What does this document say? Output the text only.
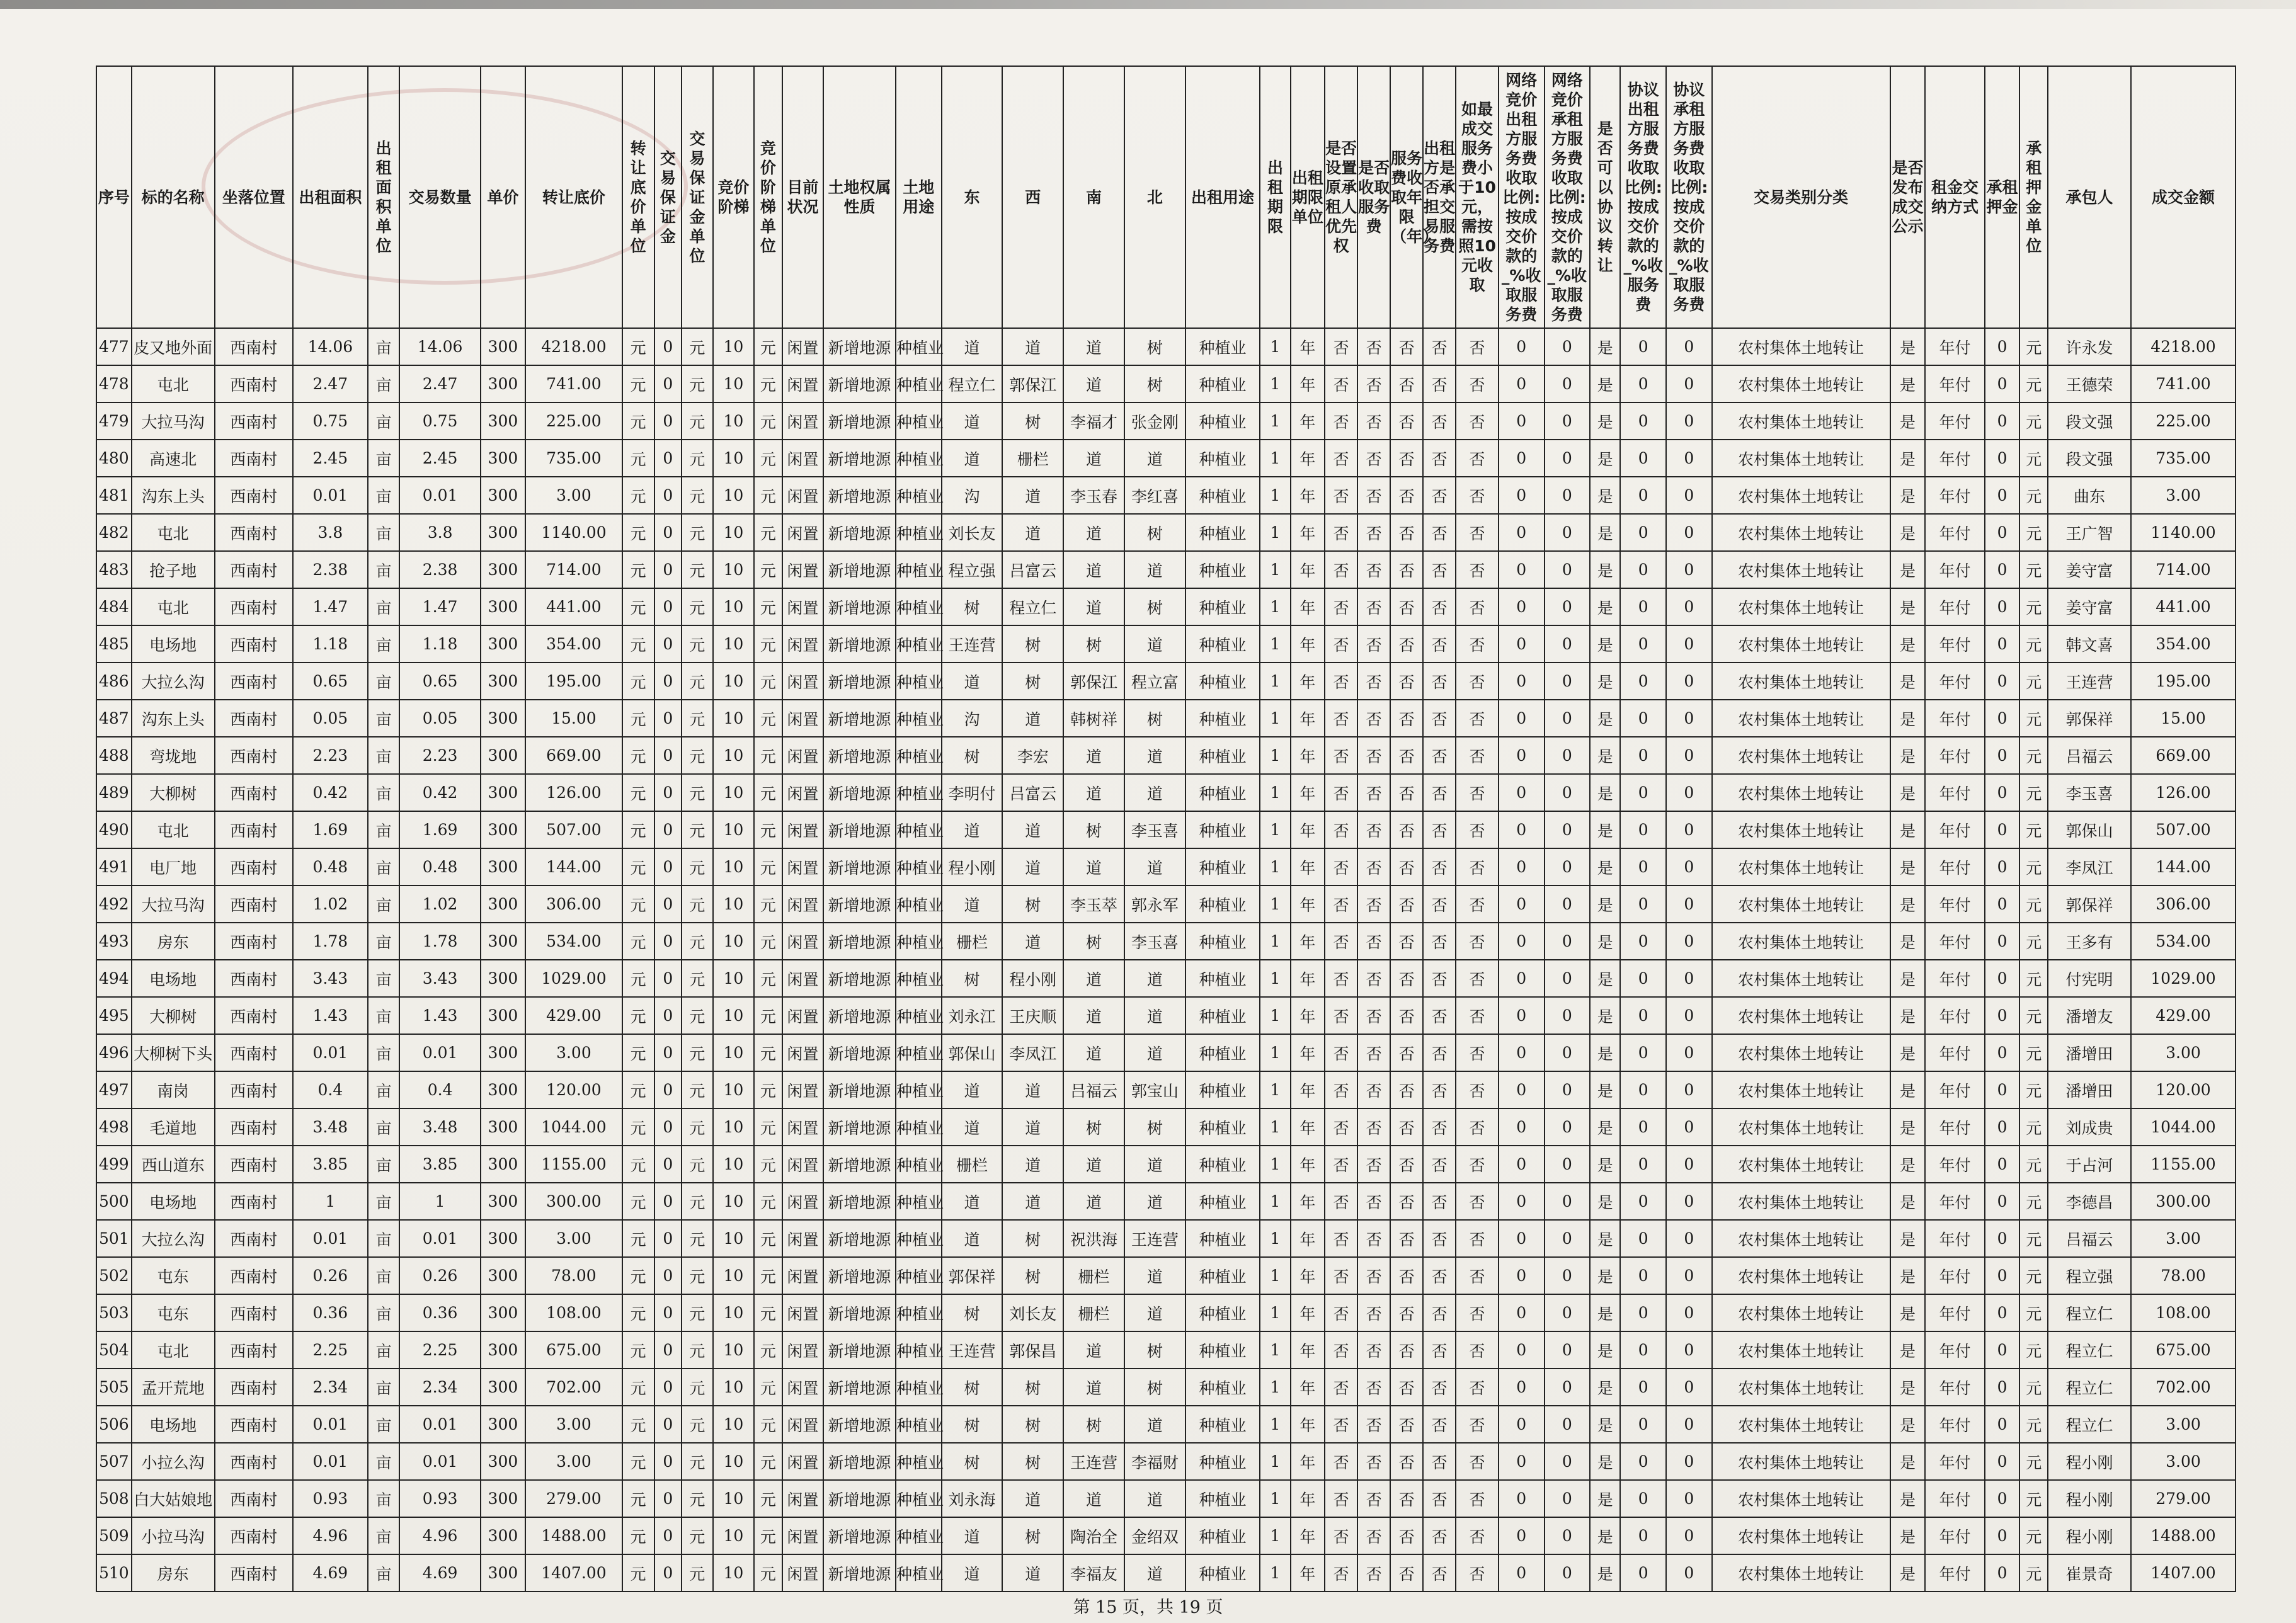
序号	标的名称	坐落位置	出租面积	出租面积单位	交易数量	单价	转让底价	转让底价单位	交易保证金	交易保证金单位	竞价阶梯	竞价阶梯单位	目前状况	土地权属性质	土地用途	东	西	南	北	出租用途	出租期限	出租期限单位	是否设置原承租人优先权	是否收取服务费	服务费收取年限（年）	出租方是否承担交易服务费	如最成交服务费小于10元，需按照10元收取	网络竞价出租方服务费收取比例:按成交价款的_%收取服务费	网络竞价承租方服务费收取比例:按成交价款的_%收取服务费	是否可以协议转让	协议出租方服务费收取比例:按成交价款的_%收服务费	协议承租方服务费收取比例:按成交价款的_%收取服务费	交易类别分类	是否发布成交公示	租金交纳方式	承租押金	承租押金单位	承包人	成交金额
477	皮又地外面	西南村	14.06	亩	14.06	300	4218.00	元	0	元	10	元	闲置	新增地源	种植业	道	道	道	树	种植业	1	年	否	否	否	否	否	0	0	是	0	0	农村集体土地转让	是	年付	0	元	许永发	4218.00
478	屯北	西南村	2.47	亩	2.47	300	741.00	元	0	元	10	元	闲置	新增地源	种植业	程立仁	郭保江	道	树	种植业	1	年	否	否	否	否	否	0	0	是	0	0	农村集体土地转让	是	年付	0	元	王德荣	741.00
479	大拉马沟	西南村	0.75	亩	0.75	300	225.00	元	0	元	10	元	闲置	新增地源	种植业	道	树	李福才	张金刚	种植业	1	年	否	否	否	否	否	0	0	是	0	0	农村集体土地转让	是	年付	0	元	段文强	225.00
480	高速北	西南村	2.45	亩	2.45	300	735.00	元	0	元	10	元	闲置	新增地源	种植业	道	栅栏	道	道	种植业	1	年	否	否	否	否	否	0	0	是	0	0	农村集体土地转让	是	年付	0	元	段文强	735.00
481	沟东上头	西南村	0.01	亩	0.01	300	3.00	元	0	元	10	元	闲置	新增地源	种植业	沟	道	李玉春	李红喜	种植业	1	年	否	否	否	否	否	0	0	是	0	0	农村集体土地转让	是	年付	0	元	曲东	3.00
482	屯北	西南村	3.8	亩	3.8	300	1140.00	元	0	元	10	元	闲置	新增地源	种植业	刘长友	道	道	树	种植业	1	年	否	否	否	否	否	0	0	是	0	0	农村集体土地转让	是	年付	0	元	王广智	1140.00
483	抢子地	西南村	2.38	亩	2.38	300	714.00	元	0	元	10	元	闲置	新增地源	种植业	程立强	吕富云	道	道	种植业	1	年	否	否	否	否	否	0	0	是	0	0	农村集体土地转让	是	年付	0	元	姜守富	714.00
484	屯北	西南村	1.47	亩	1.47	300	441.00	元	0	元	10	元	闲置	新增地源	种植业	树	程立仁	道	树	种植业	1	年	否	否	否	否	否	0	0	是	0	0	农村集体土地转让	是	年付	0	元	姜守富	441.00
485	电场地	西南村	1.18	亩	1.18	300	354.00	元	0	元	10	元	闲置	新增地源	种植业	王连营	树	树	道	种植业	1	年	否	否	否	否	否	0	0	是	0	0	农村集体土地转让	是	年付	0	元	韩文喜	354.00
486	大拉么沟	西南村	0.65	亩	0.65	300	195.00	元	0	元	10	元	闲置	新增地源	种植业	道	树	郭保江	程立富	种植业	1	年	否	否	否	否	否	0	0	是	0	0	农村集体土地转让	是	年付	0	元	王连营	195.00
487	沟东上头	西南村	0.05	亩	0.05	300	15.00	元	0	元	10	元	闲置	新增地源	种植业	沟	道	韩树祥	树	种植业	1	年	否	否	否	否	否	0	0	是	0	0	农村集体土地转让	是	年付	0	元	郭保祥	15.00
488	弯垅地	西南村	2.23	亩	2.23	300	669.00	元	0	元	10	元	闲置	新增地源	种植业	树	李宏	道	道	种植业	1	年	否	否	否	否	否	0	0	是	0	0	农村集体土地转让	是	年付	0	元	吕福云	669.00
489	大柳树	西南村	0.42	亩	0.42	300	126.00	元	0	元	10	元	闲置	新增地源	种植业	李明付	吕富云	道	道	种植业	1	年	否	否	否	否	否	0	0	是	0	0	农村集体土地转让	是	年付	0	元	李玉喜	126.00
490	屯北	西南村	1.69	亩	1.69	300	507.00	元	0	元	10	元	闲置	新增地源	种植业	道	道	树	李玉喜	种植业	1	年	否	否	否	否	否	0	0	是	0	0	农村集体土地转让	是	年付	0	元	郭保山	507.00
491	电厂地	西南村	0.48	亩	0.48	300	144.00	元	0	元	10	元	闲置	新增地源	种植业	程小刚	道	道	道	种植业	1	年	否	否	否	否	否	0	0	是	0	0	农村集体土地转让	是	年付	0	元	李凤江	144.00
492	大拉马沟	西南村	1.02	亩	1.02	300	306.00	元	0	元	10	元	闲置	新增地源	种植业	道	树	李玉萃	郭永军	种植业	1	年	否	否	否	否	否	0	0	是	0	0	农村集体土地转让	是	年付	0	元	郭保祥	306.00
493	房东	西南村	1.78	亩	1.78	300	534.00	元	0	元	10	元	闲置	新增地源	种植业	栅栏	道	树	李玉喜	种植业	1	年	否	否	否	否	否	0	0	是	0	0	农村集体土地转让	是	年付	0	元	王多有	534.00
494	电场地	西南村	3.43	亩	3.43	300	1029.00	元	0	元	10	元	闲置	新增地源	种植业	树	程小刚	道	道	种植业	1	年	否	否	否	否	否	0	0	是	0	0	农村集体土地转让	是	年付	0	元	付宪明	1029.00
495	大柳树	西南村	1.43	亩	1.43	300	429.00	元	0	元	10	元	闲置	新增地源	种植业	刘永江	王庆顺	道	道	种植业	1	年	否	否	否	否	否	0	0	是	0	0	农村集体土地转让	是	年付	0	元	潘增友	429.00
496	大柳树下头	西南村	0.01	亩	0.01	300	3.00	元	0	元	10	元	闲置	新增地源	种植业	郭保山	李凤江	道	道	种植业	1	年	否	否	否	否	否	0	0	是	0	0	农村集体土地转让	是	年付	0	元	潘增田	3.00
497	南岗	西南村	0.4	亩	0.4	300	120.00	元	0	元	10	元	闲置	新增地源	种植业	道	道	吕福云	郭宝山	种植业	1	年	否	否	否	否	否	0	0	是	0	0	农村集体土地转让	是	年付	0	元	潘增田	120.00
498	毛道地	西南村	3.48	亩	3.48	300	1044.00	元	0	元	10	元	闲置	新增地源	种植业	道	道	树	树	种植业	1	年	否	否	否	否	否	0	0	是	0	0	农村集体土地转让	是	年付	0	元	刘成贵	1044.00
499	西山道东	西南村	3.85	亩	3.85	300	1155.00	元	0	元	10	元	闲置	新增地源	种植业	栅栏	道	道	道	种植业	1	年	否	否	否	否	否	0	0	是	0	0	农村集体土地转让	是	年付	0	元	于占河	1155.00
500	电场地	西南村	1	亩	1	300	300.00	元	0	元	10	元	闲置	新增地源	种植业	道	道	道	道	种植业	1	年	否	否	否	否	否	0	0	是	0	0	农村集体土地转让	是	年付	0	元	李德昌	300.00
501	大拉么沟	西南村	0.01	亩	0.01	300	3.00	元	0	元	10	元	闲置	新增地源	种植业	道	树	祝洪海	王连营	种植业	1	年	否	否	否	否	否	0	0	是	0	0	农村集体土地转让	是	年付	0	元	吕福云	3.00
502	屯东	西南村	0.26	亩	0.26	300	78.00	元	0	元	10	元	闲置	新增地源	种植业	郭保祥	树	栅栏	道	种植业	1	年	否	否	否	否	否	0	0	是	0	0	农村集体土地转让	是	年付	0	元	程立强	78.00
503	屯东	西南村	0.36	亩	0.36	300	108.00	元	0	元	10	元	闲置	新增地源	种植业	树	刘长友	栅栏	道	种植业	1	年	否	否	否	否	否	0	0	是	0	0	农村集体土地转让	是	年付	0	元	程立仁	108.00
504	屯北	西南村	2.25	亩	2.25	300	675.00	元	0	元	10	元	闲置	新增地源	种植业	王连营	郭保昌	道	树	种植业	1	年	否	否	否	否	否	0	0	是	0	0	农村集体土地转让	是	年付	0	元	程立仁	675.00
505	孟开荒地	西南村	2.34	亩	2.34	300	702.00	元	0	元	10	元	闲置	新增地源	种植业	树	树	道	树	种植业	1	年	否	否	否	否	否	0	0	是	0	0	农村集体土地转让	是	年付	0	元	程立仁	702.00
506	电场地	西南村	0.01	亩	0.01	300	3.00	元	0	元	10	元	闲置	新增地源	种植业	树	树	树	道	种植业	1	年	否	否	否	否	否	0	0	是	0	0	农村集体土地转让	是	年付	0	元	程立仁	3.00
507	小拉么沟	西南村	0.01	亩	0.01	300	3.00	元	0	元	10	元	闲置	新增地源	种植业	树	树	王连营	李福财	种植业	1	年	否	否	否	否	否	0	0	是	0	0	农村集体土地转让	是	年付	0	元	程小刚	3.00
508	白大姑娘地	西南村	0.93	亩	0.93	300	279.00	元	0	元	10	元	闲置	新增地源	种植业	刘永海	道	道	道	种植业	1	年	否	否	否	否	否	0	0	是	0	0	农村集体土地转让	是	年付	0	元	程小刚	279.00
509	小拉马沟	西南村	4.96	亩	4.96	300	1488.00	元	0	元	10	元	闲置	新增地源	种植业	道	树	陶治全	金绍双	种植业	1	年	否	否	否	否	否	0	0	是	0	0	农村集体土地转让	是	年付	0	元	程小刚	1488.00
510	房东	西南村	4.69	亩	4.69	300	1407.00	元	0	元	10	元	闲置	新增地源	种植业	道	道	李福友	道	种植业	1	年	否	否	否	否	否	0	0	是	0	0	农村集体土地转让	是	年付	0	元	崔景奇	1407.00
第 15 页，共 19 页
